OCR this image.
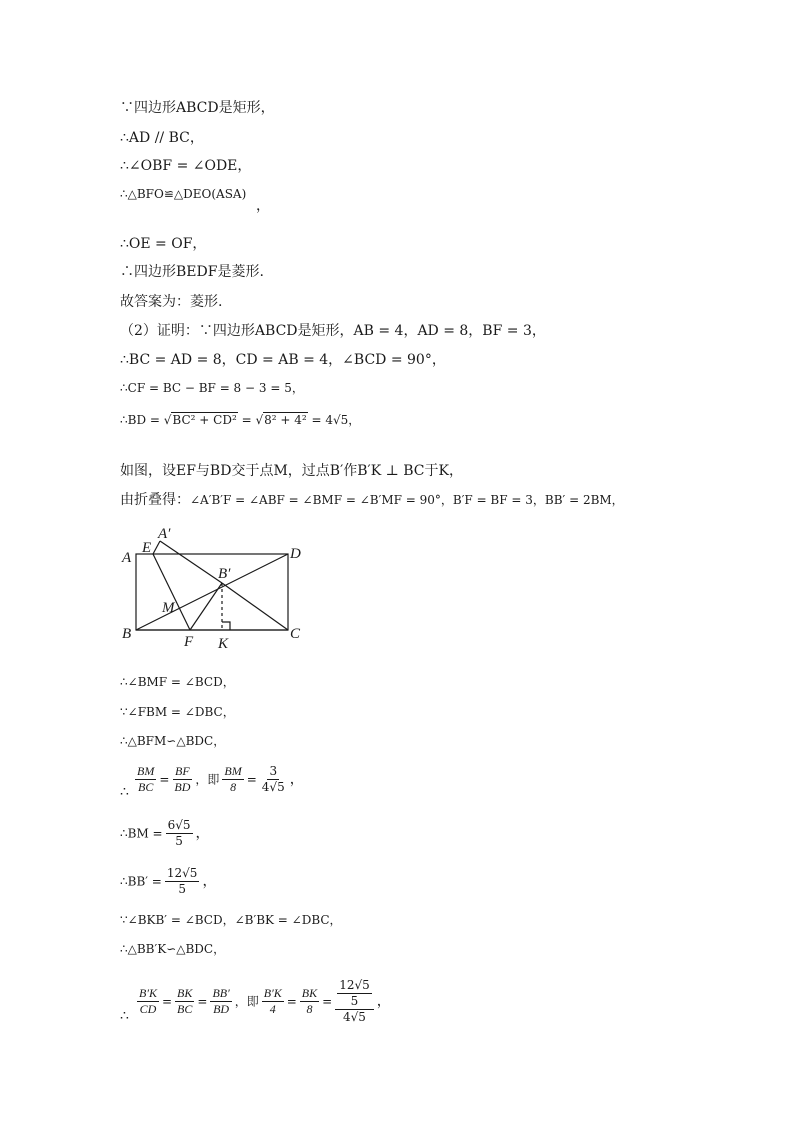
∵四边形ABCD是矩形，
∴AD // BC，
∴∠OBF = ∠ODE，
∴△BFO≌△DEO(ASA)
，
∴OE = OF，
∴四边形BEDF是菱形.
故答案为：菱形.
（2）证明：∵四边形ABCD是矩形，AB = 4，AD = 8，BF = 3，
∴BC = AD = 8，CD = AB = 4，∠BCD = 90°，
∴CF = BC − BF = 8 − 3 = 5，
∴BD = √BC² + CD² = √8² + 4² = 4√5，
如图，设EF与BD交于点M，过点B′作B′K ⊥ BC于K，
由折叠得：∠A′B′F = ∠ABF = ∠BMF = ∠B′MF = 90°，B′F = BF = 3，BB′ = 2BM，
A
E
A′
D
B′
M
B	F K
C
∴∠BMF = ∠BCD，
∵∠FBM = ∠DBC，
∴△BFM∽△BDC，
∴ $\frac{BM}{BC} = \frac{BF}{BD}$ ，即 $\frac{BM}{8} = \frac{3}{4√5}$ ，
∴BM = $\frac{6√5}{5}$ ，
∴BB′ = $\frac{12√5}{5}$ ，
∵∠BKB′ = ∠BCD，∠B′BK = ∠DBC，
∴△BB′K∽△BDC，
∴ $\frac{B'K}{CD} = \frac{BK}{BC} = \frac{BB'}{BD}$ ，即 $\frac{B'K}{4} = \frac{BK}{8} = \frac{\frac{12√5}{5}}{4√5}$ ，
